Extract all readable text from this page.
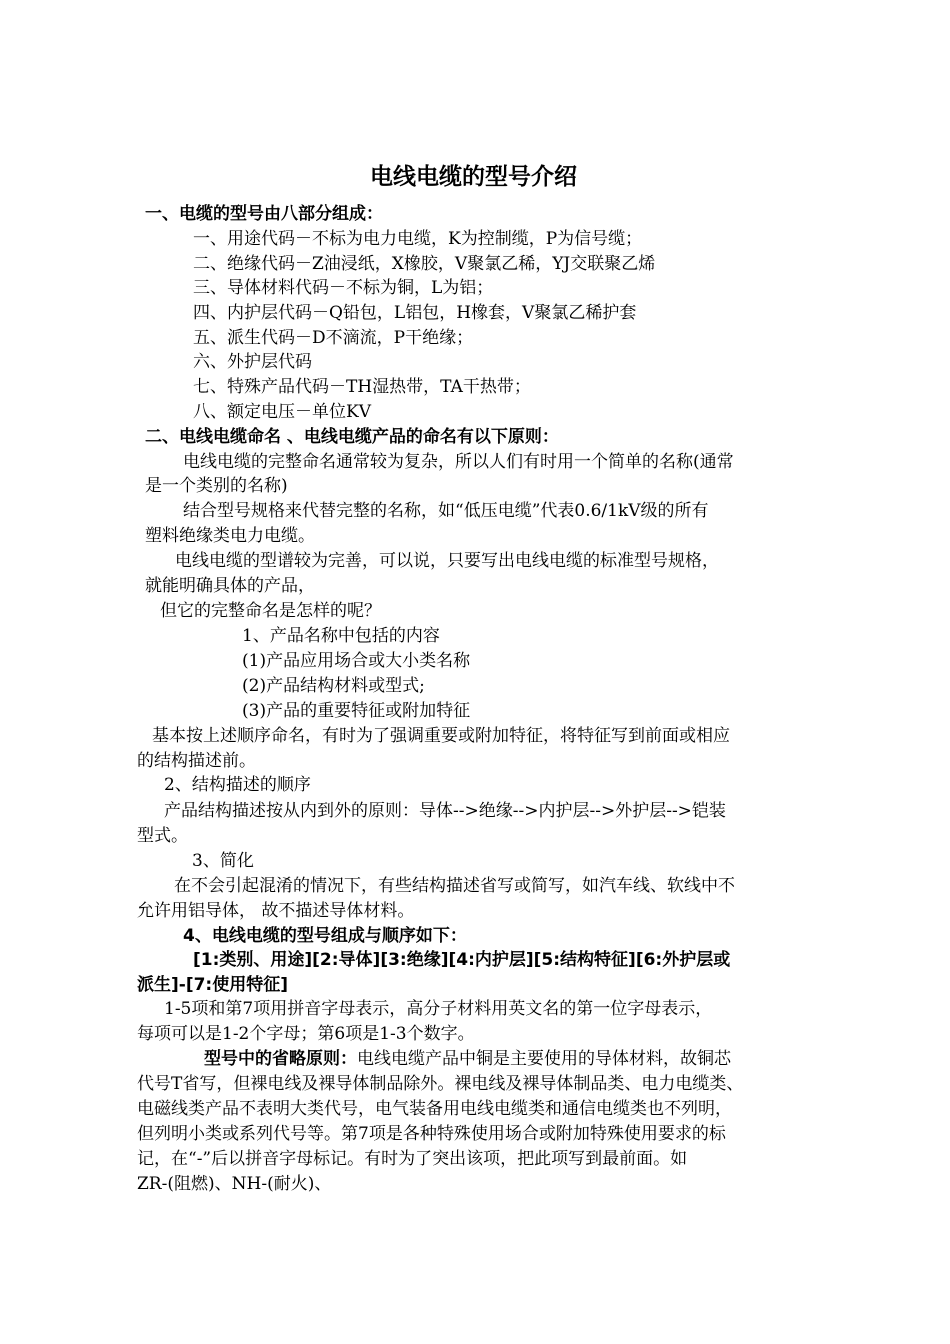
电线电缆的型号介绍
一、电缆的型号由八部分组成：
一、用途代码－不标为电力电缆，K为控制缆，P为信号缆；
二、绝缘代码－Z油浸纸，X橡胶，V聚氯乙稀，YJ交联聚乙烯
三、导体材料代码－不标为铜，L为铝；
四、内护层代码－Q铅包，L铝包，H橡套，V聚氯乙稀护套
五、派生代码－D不滴流，P干绝缘；
六、外护层代码
七、特殊产品代码－TH湿热带，TA干热带；
八、额定电压－单位KV
二、电线电缆命名 、电线电缆产品的命名有以下原则：
电线电缆的完整命名通常较为复杂，所以人们有时用一个简单的名称(通常
是一个类别的名称)
结合型号规格来代替完整的名称，如“低压电缆”代表0.6/1kV级的所有
塑料绝缘类电力电缆。
电线电缆的型谱较为完善，可以说，只要写出电线电缆的标准型号规格，
就能明确具体的产品，
但它的完整命名是怎样的呢？
1、产品名称中包括的内容
(1)产品应用场合或大小类名称
(2)产品结构材料或型式;
(3)产品的重要特征或附加特征
基本按上述顺序命名，有时为了强调重要或附加特征，将特征写到前面或相应
的结构描述前。
2、结构描述的顺序
产品结构描述按从内到外的原则：导体-->绝缘-->内护层-->外护层-->铠装
型式。
3、简化
在不会引起混淆的情况下，有些结构描述省写或简写，如汽车线、软线中不
允许用铝导体， 故不描述导体材料。
4、电线电缆的型号组成与顺序如下：
[1:类别、用途][2:导体][3:绝缘][4:内护层][5:结构特征][6:外护层或
派生]-[7:使用特征]
1-5项和第7项用拼音字母表示，高分子材料用英文名的第一位字母表示，
每项可以是1-2个字母；第6项是1-3个数字。
型号中的省略原则：电线电缆产品中铜是主要使用的导体材料，故铜芯
代号T省写，但裸电线及裸导体制品除外。裸电线及裸导体制品类、电力电缆类、
电磁线类产品不表明大类代号，电气装备用电线电缆类和通信电缆类也不列明，
但列明小类或系列代号等。第7项是各种特殊使用场合或附加特殊使用要求的标
记，在“-”后以拼音字母标记。有时为了突出该项，把此项写到最前面。如
ZR-(阻燃)、NH-(耐火)、
